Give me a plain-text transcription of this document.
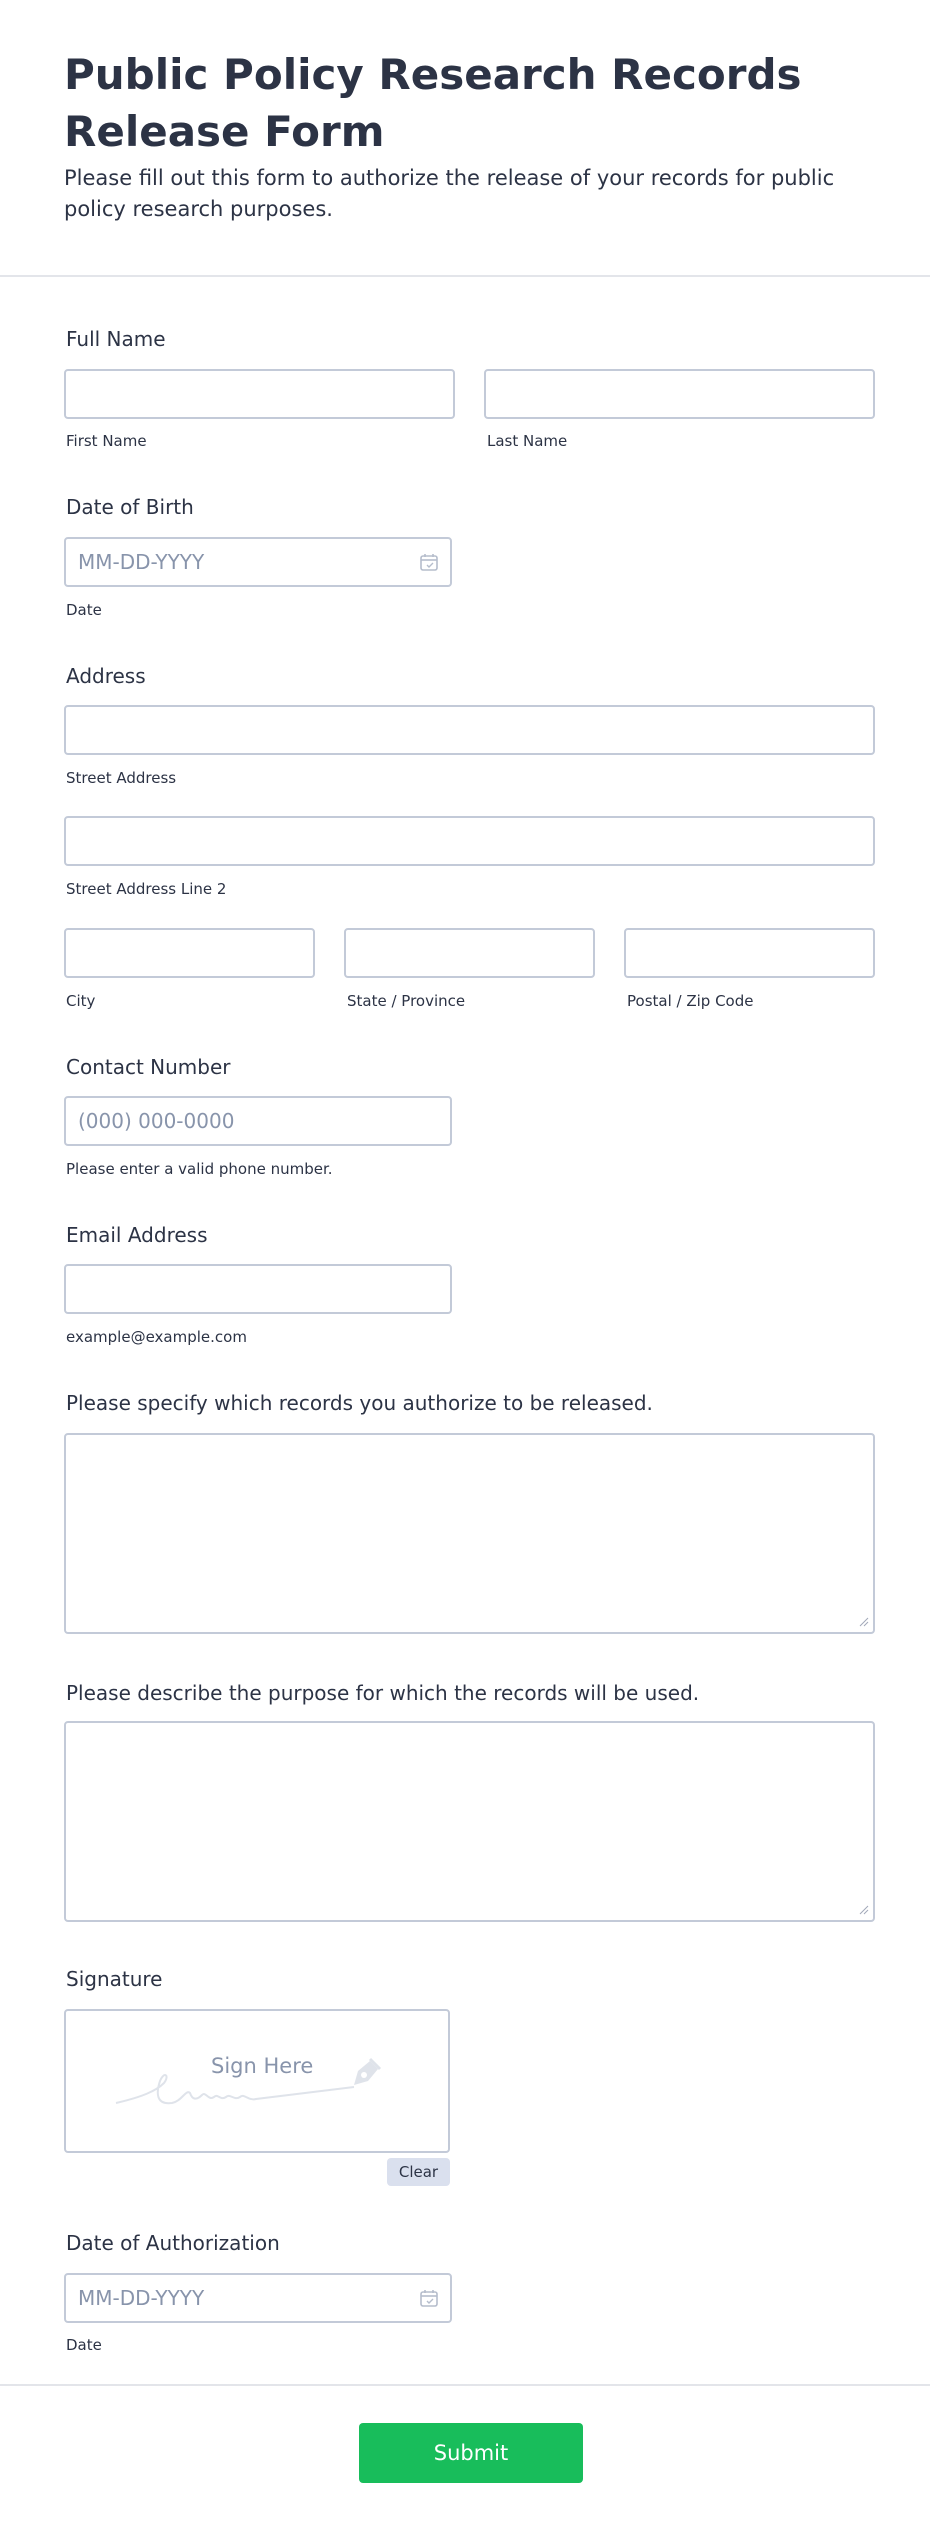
Public Policy Research Records Release Form

Please fill out this form to authorize the release of your records for public policy research purposes.

Full Name
First Name	Last Name
Date of Birth
MM-DD-YYYY
Date
Address
Street Address
Street Address Line 2
City	State / Province	Postal / Zip Code
Contact Number
(000) 000-0000
Please enter a valid phone number.
Email Address
example@example.com
Please specify which records you authorize to be released.
Please describe the purpose for which the records will be used.
Signature
Sign Here
Clear
Date of Authorization
MM-DD-YYYY
Date
Submit
